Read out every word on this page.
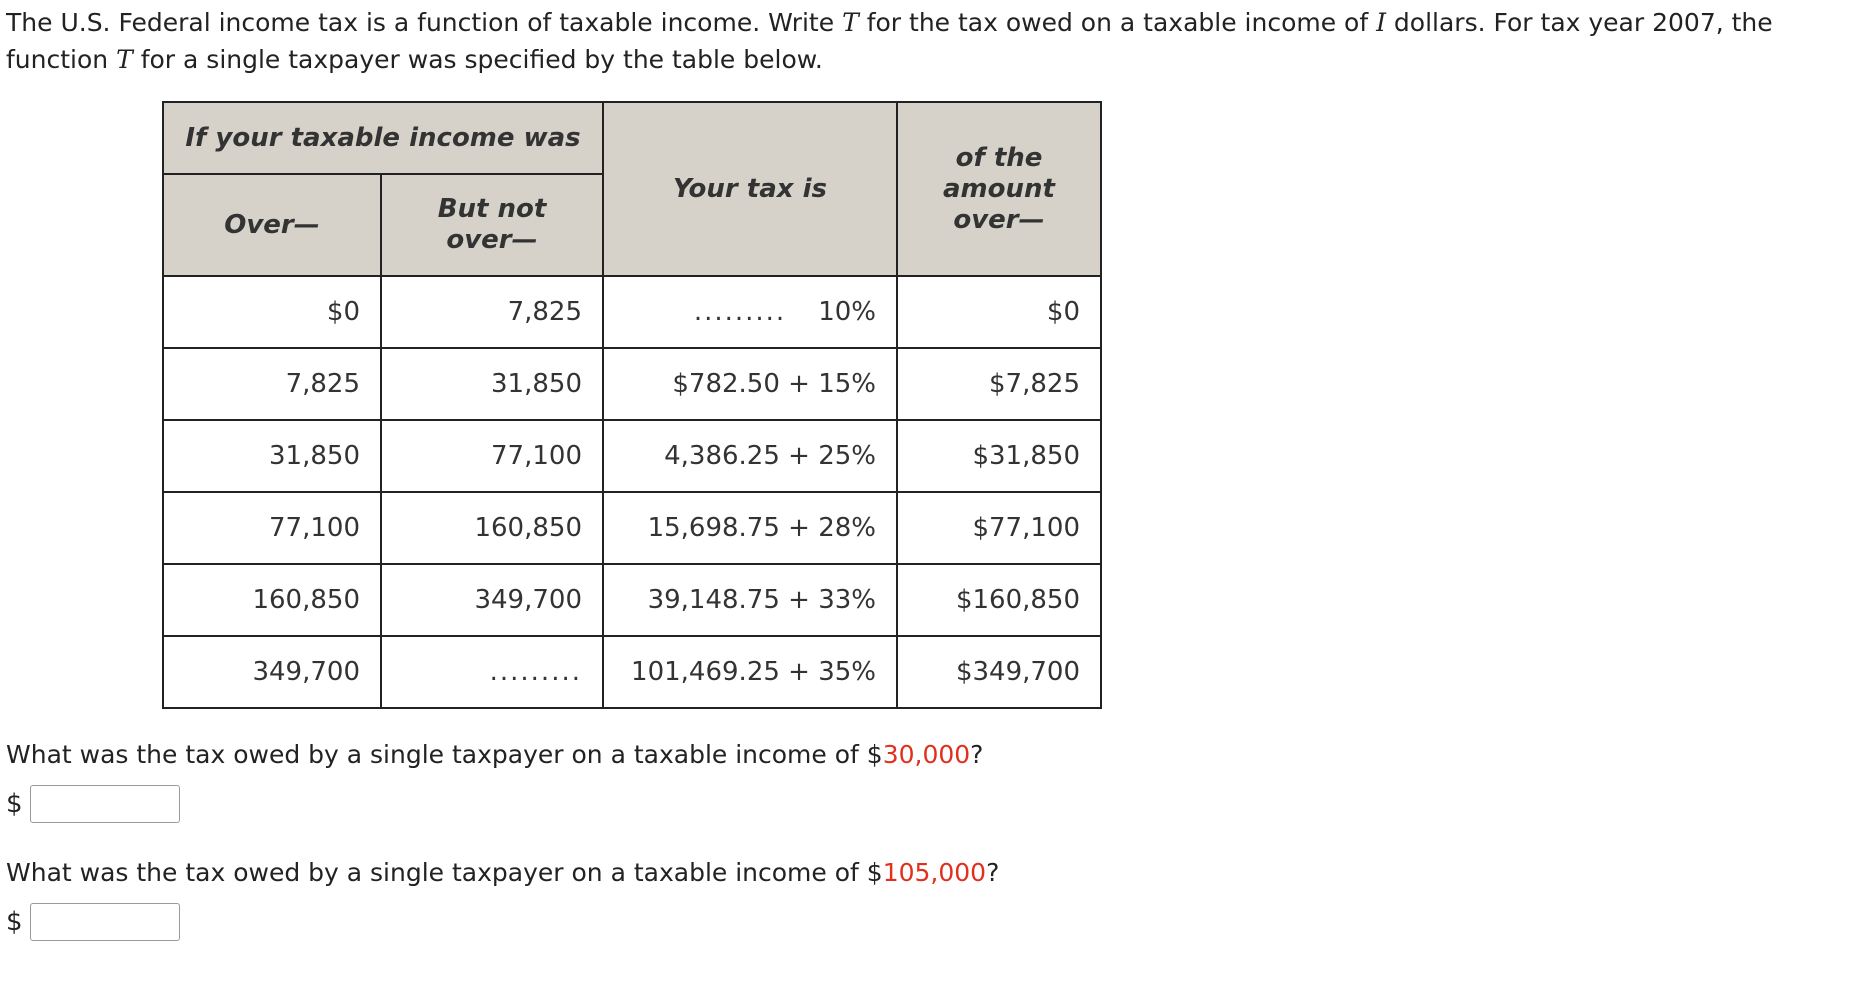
The U.S. Federal income tax is a function of taxable income. Write T for the tax owed on a taxable income of I dollars. For tax year 2007, the function T for a single taxpayer was specified by the table below.

If your taxable income was		Your tax is	of the amount over—
Over—	But not over—		
$0	7,825	......... 10%	$0
7,825	31,850	$782.50 + 15%	$7,825
31,850	77,100	4,386.25 + 25%	$31,850
77,100	160,850	15,698.75 + 28%	$77,100
160,850	349,700	39,148.75 + 33%	$160,850
349,700	.........	101,469.25 + 35%	$349,700

What was the tax owed by a single taxpayer on a taxable income of $30,000?

$

What was the tax owed by a single taxpayer on a taxable income of $105,000?

$
